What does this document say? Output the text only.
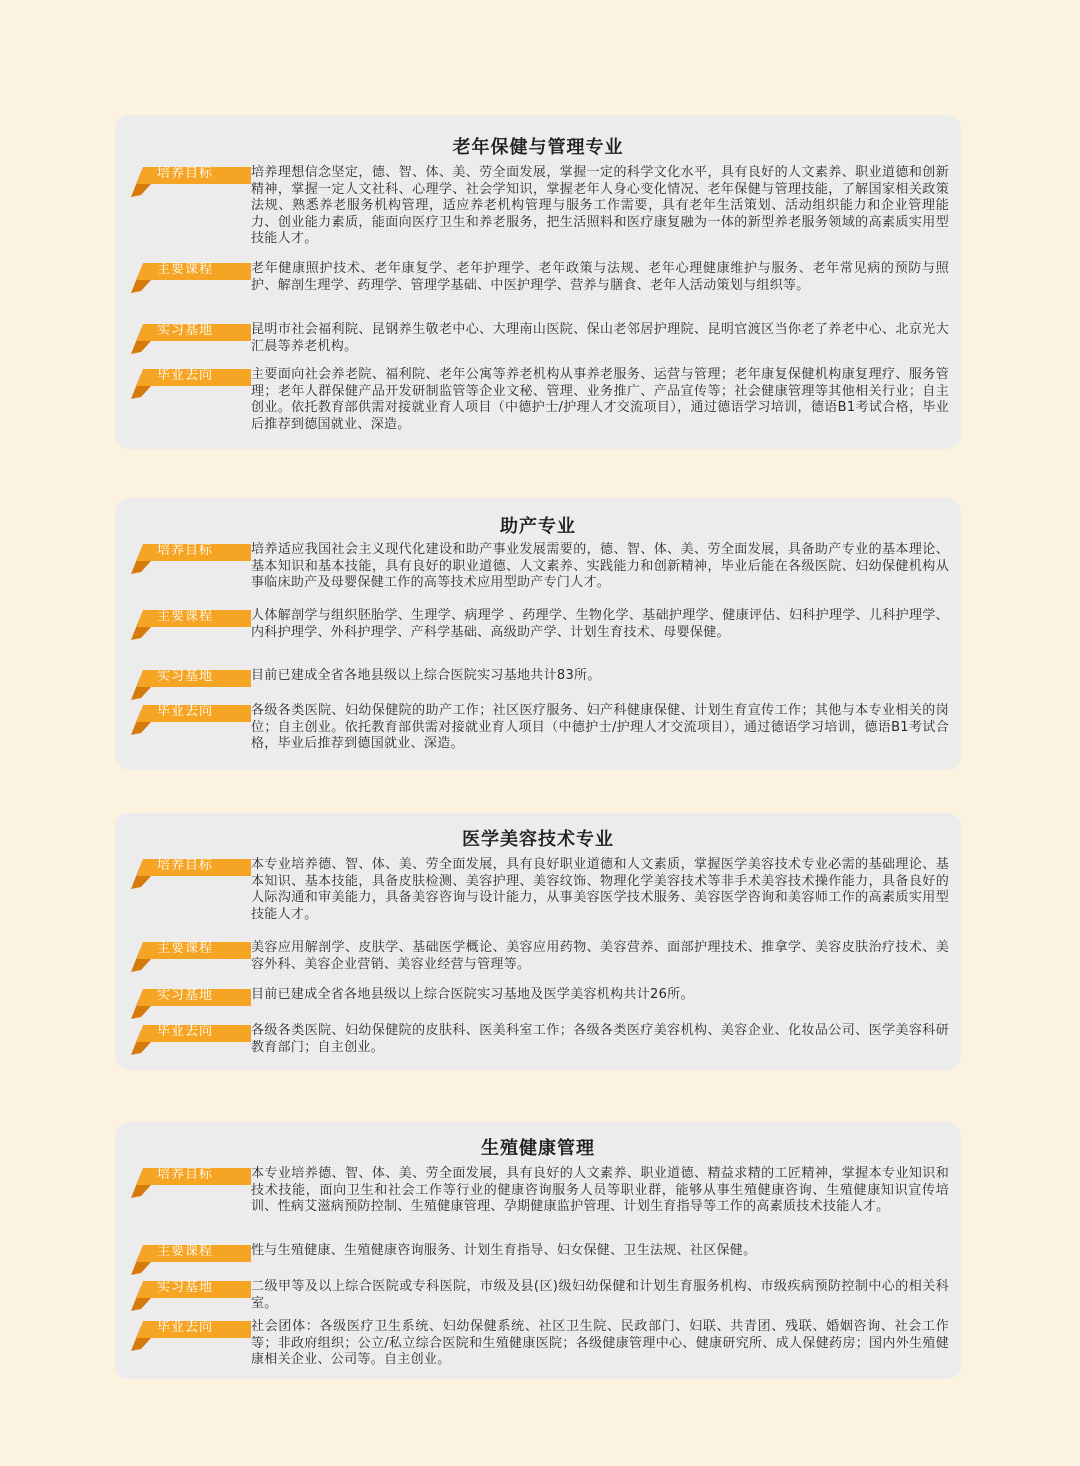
老年保健与管理专业
培养目标	培养理想信念坚定，德、智、体、美、劳全面发展，掌握一定的科学文化水平，具有良好的人文素养、职业道德和创新精神，掌握一定人文社科、心理学、社会学知识，掌握老年人身心变化情况、老年保健与管理技能，了解国家相关政策法规、熟悉养老服务机构管理，适应养老机构管理与服务工作需要，具有老年生活策划、活动组织能力和企业管理能力、创业能力素质，能面向医疗卫生和养老服务，把生活照料和医疗康复融为一体的新型养老服务领域的高素质实用型技能人才。
主要课程	老年健康照护技术、老年康复学、老年护理学、老年政策与法规、老年心理健康维护与服务、老年常见病的预防与照护、解剖生理学、药理学、管理学基础、中医护理学、营养与膳食、老年人活动策划与组织等。
实习基地	昆明市社会福利院、昆钢养生敬老中心、大理南山医院、保山老邻居护理院、昆明官渡区当你老了养老中心、北京光大汇晨等养老机构。
毕业去向	主要面向社会养老院、福利院、老年公寓等养老机构从事养老服务、运营与管理；老年康复保健机构康复理疗、服务管理；老年人群保健产品开发研制监管等企业文秘、管理、业务推广、产品宣传等；社会健康管理等其他相关行业；自主创业。依托教育部供需对接就业育人项目（中德护士/护理人才交流项目），通过德语学习培训，德语B1考试合格，毕业后推荐到德国就业、深造。
助产专业
培养目标	培养适应我国社会主义现代化建设和助产事业发展需要的，德、智、体、美、劳全面发展，具备助产专业的基本理论、基本知识和基本技能，具有良好的职业道德、人文素养、实践能力和创新精神，毕业后能在各级医院、妇幼保健机构从事临床助产及母婴保健工作的高等技术应用型助产专门人才。
主要课程	人体解剖学与组织胚胎学、生理学、病理学 、药理学、生物化学、基础护理学、健康评估、妇科护理学、儿科护理学、内科护理学、外科护理学、产科学基础、高级助产学、计划生育技术、母婴保健。
实习基地	目前已建成全省各地县级以上综合医院实习基地共计83所。
毕业去向	各级各类医院、妇幼保健院的助产工作；社区医疗服务、妇产科健康保健、计划生育宣传工作；其他与本专业相关的岗位；自主创业。依托教育部供需对接就业育人项目（中德护士/护理人才交流项目），通过德语学习培训，德语B1考试合格，毕业后推荐到德国就业、深造。
医学美容技术专业
培养目标	本专业培养德、智、体、美、劳全面发展，具有良好职业道德和人文素质，掌握医学美容技术专业必需的基础理论、基本知识、基本技能，具备皮肤检测、美容护理、美容纹饰、物理化学美容技术等非手术美容技术操作能力，具备良好的人际沟通和审美能力，具备美容咨询与设计能力，从事美容医学技术服务、美容医学咨询和美容师工作的高素质实用型技能人才。
主要课程	美容应用解剖学、皮肤学、基础医学概论、美容应用药物、美容营养、面部护理技术、推拿学、美容皮肤治疗技术、美容外科、美容企业营销、美容业经营与管理等。
实习基地	目前已建成全省各地县级以上综合医院实习基地及医学美容机构共计26所。
毕业去向	各级各类医院、妇幼保健院的皮肤科、医美科室工作；各级各类医疗美容机构、美容企业、化妆品公司、医学美容科研教育部门；自主创业。
生殖健康管理
培养目标	本专业培养德、智、体、美、劳全面发展，具有良好的人文素养、职业道德、精益求精的工匠精神，掌握本专业知识和技术技能，面向卫生和社会工作等行业的健康咨询服务人员等职业群，能够从事生殖健康咨询、生殖健康知识宣传培训、性病艾滋病预防控制、生殖健康管理、孕期健康监护管理、计划生育指导等工作的高素质技术技能人才。
主要课程	性与生殖健康、生殖健康咨询服务、计划生育指导、妇女保健、卫生法规、社区保健。
实习基地	二级甲等及以上综合医院或专科医院，市级及县(区)级妇幼保健和计划生育服务机构、市级疾病预防控制中心的相关科室。
毕业去向	社会团体：各级医疗卫生系统、妇幼保健系统、社区卫生院、民政部门、妇联、共青团、残联、婚姻咨询、社会工作等；非政府组织；公立/私立综合医院和生殖健康医院；各级健康管理中心、健康研究所、成人保健药房；国内外生殖健康相关企业、公司等。自主创业。
